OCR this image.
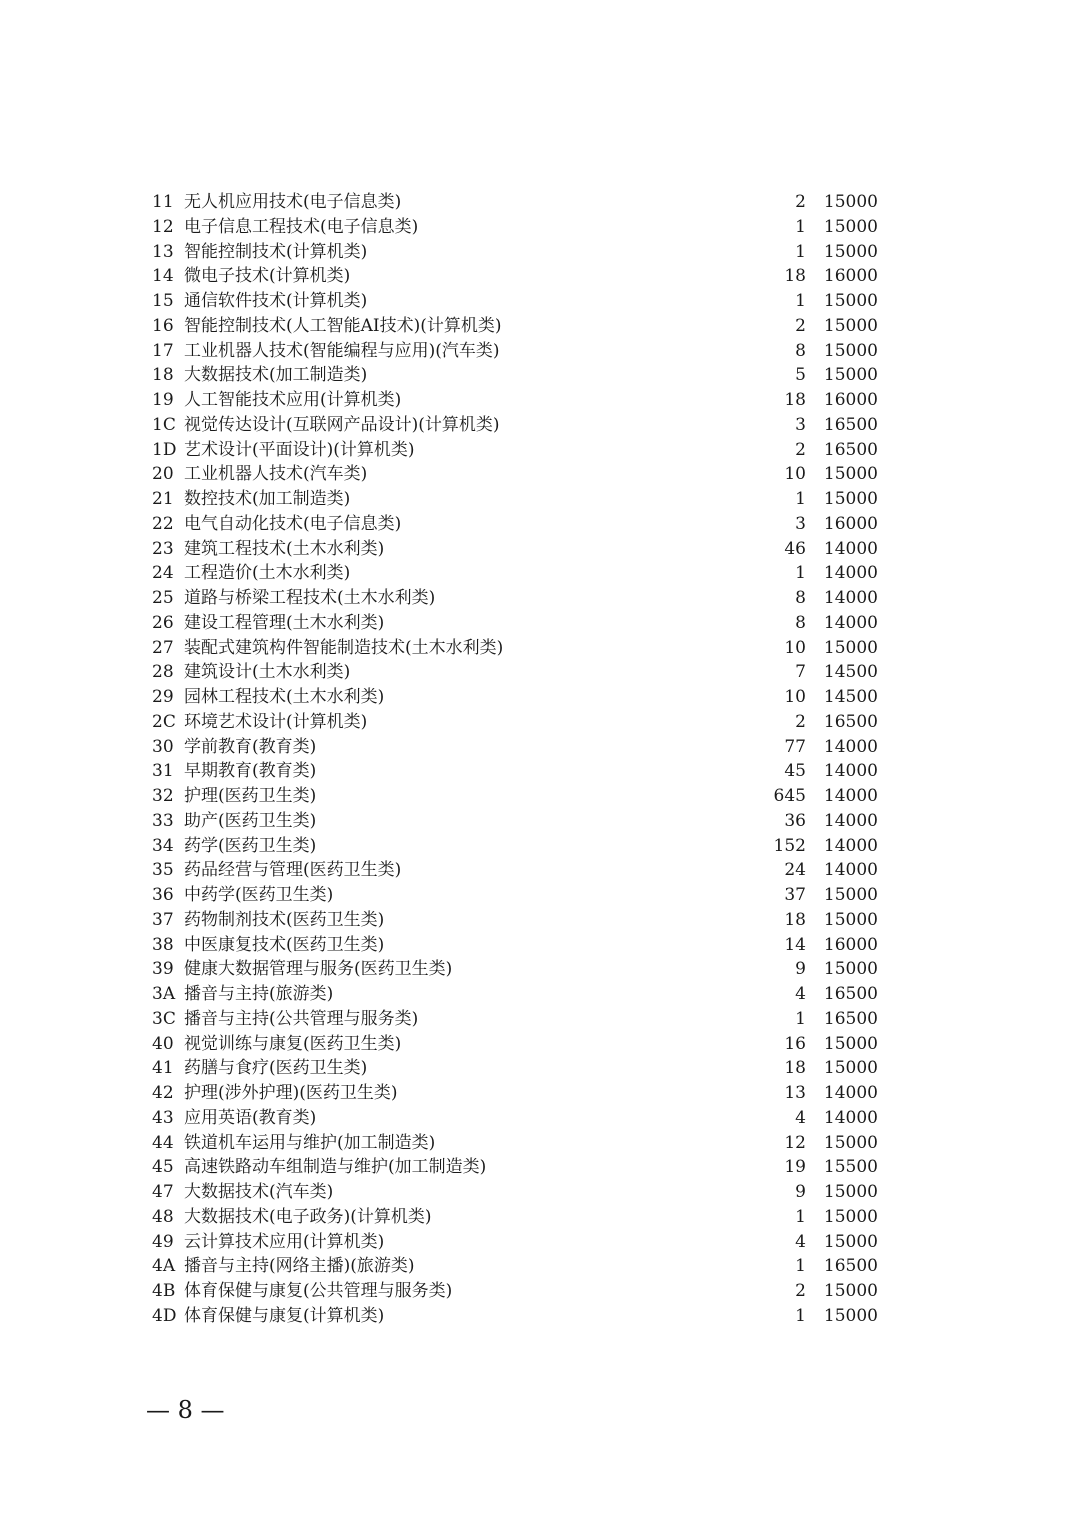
11 无人机应用技术(电子信息类)	2 15000
12 电子信息工程技术(电子信息类)	1 15000
13 智能控制技术(计算机类)	1 15000
14 微电子技术(计算机类)	18 16000
15 通信软件技术(计算机类)	1 15000
16 智能控制技术(人工智能AI技术)(计算机类)	2 15000
17 工业机器人技术(智能编程与应用)(汽车类)	8 15000
18 大数据技术(加工制造类)	5 15000
19 人工智能技术应用(计算机类)	18 16000
1C 视觉传达设计(互联网产品设计)(计算机类)	3 16500
1D 艺术设计(平面设计)(计算机类)	2 16500
20 工业机器人技术(汽车类)	10 15000
21 数控技术(加工制造类)	1 15000
22 电气自动化技术(电子信息类)	3 16000
23 建筑工程技术(土木水利类)	46 14000
24 工程造价(土木水利类)	1 14000
25 道路与桥梁工程技术(土木水利类)	8 14000
26 建设工程管理(土木水利类)	8 14000
27 装配式建筑构件智能制造技术(土木水利类)	10 15000
28 建筑设计(土木水利类)	7 14500
29 园林工程技术(土木水利类)	10 14500
2C 环境艺术设计(计算机类)	2 16500
30 学前教育(教育类)	77 14000
31 早期教育(教育类)	45 14000
32 护理(医药卫生类)	645 14000
33 助产(医药卫生类)	36 14000
34 药学(医药卫生类)	152 14000
35 药品经营与管理(医药卫生类)	24 14000
36 中药学(医药卫生类)	37 15000
37 药物制剂技术(医药卫生类)	18 15000
38 中医康复技术(医药卫生类)	14 16000
39 健康大数据管理与服务(医药卫生类)	9 15000
3A 播音与主持(旅游类)	4 16500
3C 播音与主持(公共管理与服务类)	1 16500
40 视觉训练与康复(医药卫生类)	16 15000
41 药膳与食疗(医药卫生类)	18 15000
42 护理(涉外护理)(医药卫生类)	13 14000
43 应用英语(教育类)	4 14000
44 铁道机车运用与维护(加工制造类)	12 15000
45 高速铁路动车组制造与维护(加工制造类)	19 15500
47 大数据技术(汽车类)	9 15000
48 大数据技术(电子政务)(计算机类)	1 15000
49 云计算技术应用(计算机类)	4 15000
4A 播音与主持(网络主播)(旅游类)	1 16500
4B 体育保健与康复(公共管理与服务类)	2 15000
4D 体育保健与康复(计算机类)	1 15000
— 8 —
